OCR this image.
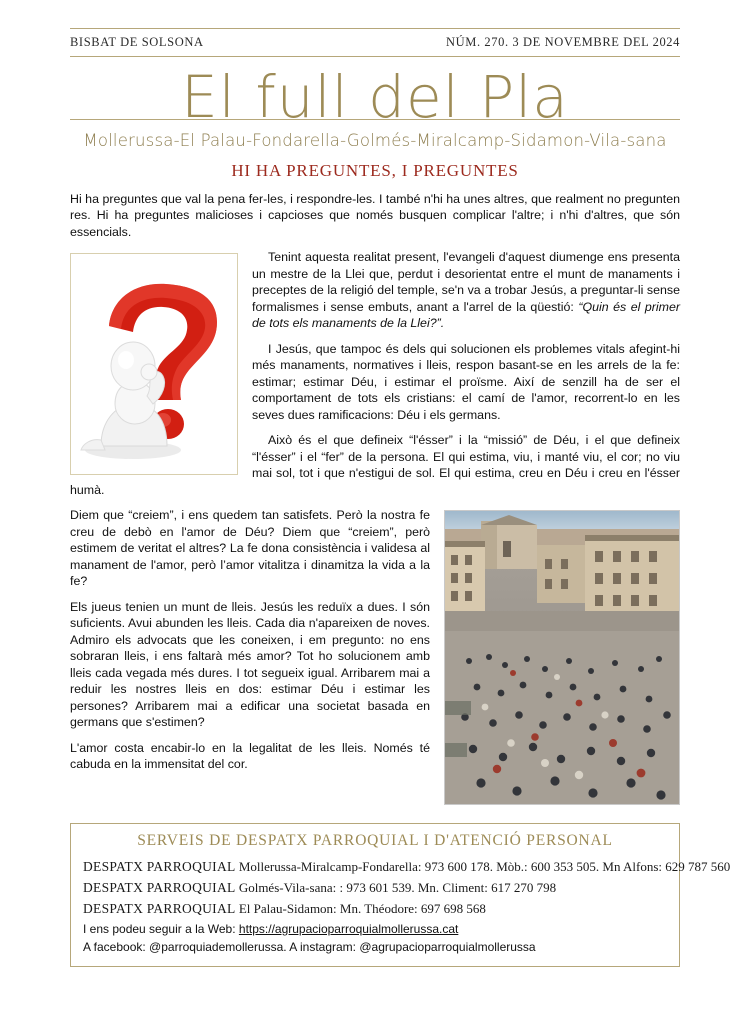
BISBAT DE SOLSONA	NÚM. 270. 3 DE NOVEMBRE DEL 2024
El full del Pla
Mollerussa-El Palau-Fondarella-Golmés-Miralcamp-Sidamon-Vila-sana
HI HA PREGUNTES, I PREGUNTES

Hi ha preguntes que val la pena fer-les, i respondre-les. I també n'hi ha unes altres, que realment no pregunten res. Hi ha preguntes malicioses i capcioses que només busquen complicar l'altre; i n'hi d'altres, que són essencials.

Tenint aquesta realitat present, l'evangeli d'aquest diumenge ens presenta un mestre de la Llei que, perdut i desorientat entre el munt de manaments i preceptes de la religió del temple, se'n va a trobar Jesús, a preguntar-li sense formalismes i sense embuts, anant a l'arrel de la qüestió: “Quin és el primer de tots els manaments de la Llei?”.

I Jesús, que tampoc és dels qui solucionen els problemes vitals afegint-hi més manaments, normatives i lleis, respon basant-se en les arrels de la fe: estimar; estimar Déu, i estimar el proïsme. Així de senzill ha de ser el comportament de tots els cristians: el camí de l'amor, recorrent-lo en les seves dues ramificacions: Déu i els germans.

Això és el que defineix “l'ésser” i la “missió” de Déu, i el que defineix “l'ésser” i el “fer” de la persona. El qui estima, viu, i manté viu, el cor; no viu mai sol, tot i que n'estigui de sol. El qui estima, creu en Déu i creu en l'ésser humà.

Diem que “creiem”, i ens quedem tan satisfets. Però la nostra fe creu de debò en l'amor de Déu? Diem que “creiem”, però estimem de veritat el altres? La fe dona consistència i validesa al manament de l'amor, però l’amor vitalitza i dinamitza la vida a la fe?

Els jueus tenien un munt de lleis. Jesús les reduïx a dues. I són suficients. Avui abunden les lleis. Cada dia n'apareixen de noves. Admiro els advocats que les coneixen, i em pregunto: no ens sobraran lleis, i ens faltarà més amor? Tot ho solucionem amb lleis cada vegada més dures. I tot segueix igual. Arribarem mai a reduir les nostres lleis en dos: estimar Déu i estimar les persones? Arribarem mai a edificar una societat basada en germans que s'estimen?

L'amor costa encabir-lo en la legalitat de les lleis. Només té cabuda en la immensitat del cor.

SERVEIS DE DESPATX PARROQUIAL I D'ATENCIÓ PERSONAL
DESPATX PARROQUIAL Mollerussa-Miralcamp-Fondarella: 973 600 178. Mòb.: 600 353 505. Mn Alfons: 629 787 560
DESPATX PARROQUIAL Golmés-Vila-sana: : 973 601 539. Mn. Climent: 617 270 798
DESPATX PARROQUIAL El Palau-Sidamon: Mn. Théodore: 697 698 568
I ens podeu seguir a la Web: https://agrupacioparroquialmollerussa.cat
A facebook: @parroquiademollerussa. A instagram: @agrupacioparroquialmollerussa
